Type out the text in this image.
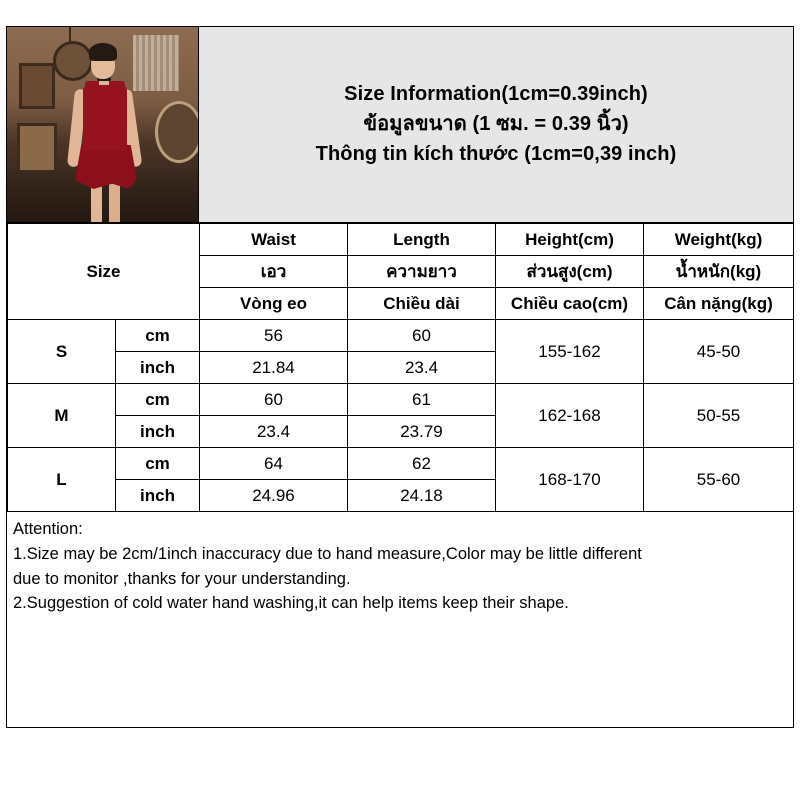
Size Information(1cm=0.39inch)
ข้อมูลขนาด (1 ซม. = 0.39 นิ้ว)
Thông tin kích thước (1cm=0,39 inch)
Size		Waist	Length	Height(cm)	Weight(kg)
		เอว	ความยาว	ส่วนสูง(cm)	น้ำหนัก(kg)
		Vòng eo	Chiều dài	Chiều cao(cm)	Cân nặng(kg)
S	cm	56	60	155-162	45-50
	inch	21.84	23.4		
M	cm	60	61	162-168	50-55
	inch	23.4	23.79		
L	cm	64	62	168-170	55-60
	inch	24.96	24.18		

Attention:

1.Size may be 2cm/1inch inaccuracy due to hand measure,Color may be little different

due to monitor ,thanks for your understanding.

2.Suggestion of cold water hand washing,it can help items keep their shape.
